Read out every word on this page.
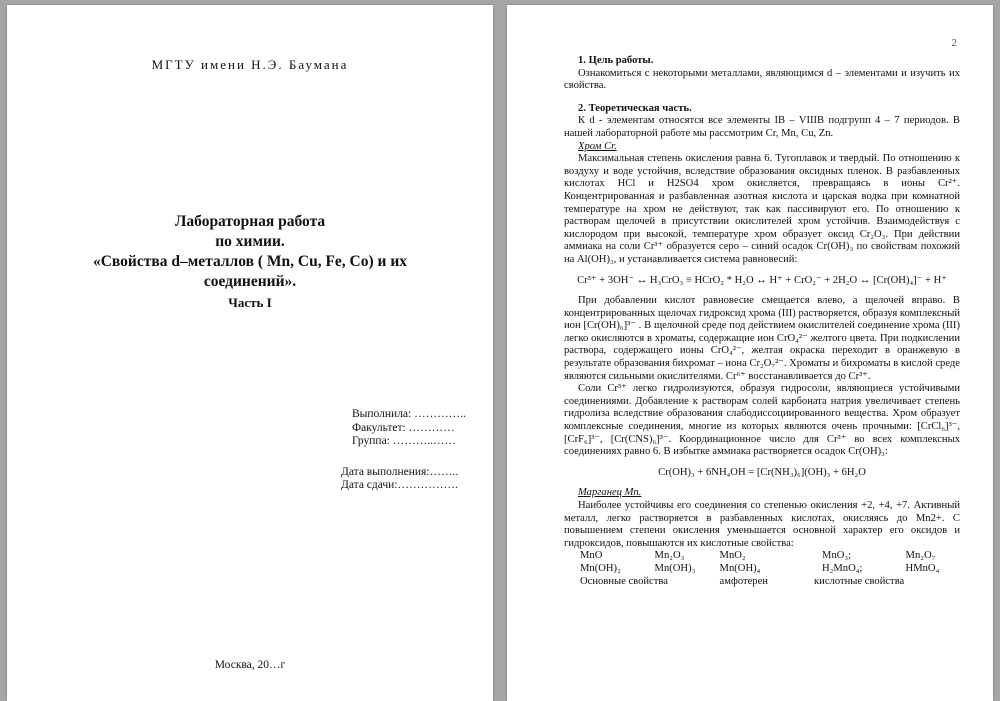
МГТУ имени Н.Э. Баумана
Лабораторная работа
по химии.
«Свойства d–металлов ( Mn, Cu, Fe, Co) и их
соединений».
Часть I
Выполнила: …………..
Факультет: …………
Группа: ………..……
Дата выполнения:……..
Дата сдачи:…………….
Москва, 20…г
2

1. Цель работы.

Ознакомиться с некоторыми металлами, являющимся d – элементами и изучить их свойства.

2. Теоретическая часть.

К d - элементам относятся все элементы IB – VIIIB подгрупп 4 – 7 периодов. В нашей лабораторной работе мы рассмотрим Cr, Mn, Cu, Zn.

Хром Cr.

Максимальная степень окисления равна 6. Тугоплавок и твердый. По отношению к воздуху и воде устойчив, вследствие образования оксидных пленок. В разбавленных кислотах HCl и H2SO4 хром окисляется, превращаясь в ионы Cr²⁺. Концентрированная и разбавленная азотная кислота и царская водка при комнатной температуре на хром не действуют, так как пассивируют его. По отношению к растворам щелочей в присутствии окислителей хром устойчив. Взаимодействуя с кислородом при высокой, температуре хром образует оксид Cr₂O₃. При действии аммиака на соли Cr³⁺ образуется серо – синий осадок Cr(OH)₃ по свойствам похожий на Al(OH)₃, и устанавливается система равновесий:

Cr³⁺ + 3OH⁻ ↔ H₃CrO₃ ≡ HCrO₂ * H₂O ↔ H⁺ + CrO₂⁻ + 2H₂O ↔ [Cr(OH)₄]⁻ + H⁺

При добавлении кислот равновесие смещается влево, а щелочей вправо. В концентрированных щелочах гидроксид хрома (III) растворяется, образуя комплексный ион [Cr(OH)₆]³⁻ . В щелочной среде под действием окислителей соединение хрома (III) легко окисляются в хроматы, содержащие ион CrO₄²⁻ желтого цвета. При подкислении раствора, содержащего ионы CrO₄²⁻, желтая окраска переходит в оранжевую в результате образования бихромат – иона Cr₂O₇²⁻. Хроматы и бихроматы в кислой среде являются сильными окислителями. Cr⁶⁺ восстанавливается до Cr³⁺.

Соли Cr³⁺ легко гидролизуются, образуя гидросоли, являющиеся устойчивыми соединениями. Добавление к растворам солей карбоната натрия увеличивает степень гидролиза вследствие образования слабодиссоциированного вещества. Хром образует комплексные соединения, многие из которых являются очень прочными: [CrCl₆]³⁻, [CrF₆]³⁻, [Cr(CNS)₆]³⁻. Координационное число для Cr³⁺ во всех комплексных соединениях равно 6. В избытке аммиака растворяется осадок Cr(OH)₃:

Cr(OH)₃ + 6NH₄OH = [Cr(NH₃)₆](OH)₃ + 6H₂O

Марганец Mn.

Наиболее устойчивы его соединения со степенью окисления +2, +4, +7. Активный металл, легко растворяется в разбавленных кислотах, окисляясь до Mn2+. С повышением степени окисления уменьшается основной характер его оксидов и гидроксидов, повышаются их кислотные свойства:

MnO	Mn₂O₃	MnO₂	MnO₃;	Mn₂O₇
Mn(OH)₂	Mn(OH)₃	Mn(OH)₄	H₂MnO₄;	HMnO₄
Основные свойства		амфотерен	кислотные свойства	
